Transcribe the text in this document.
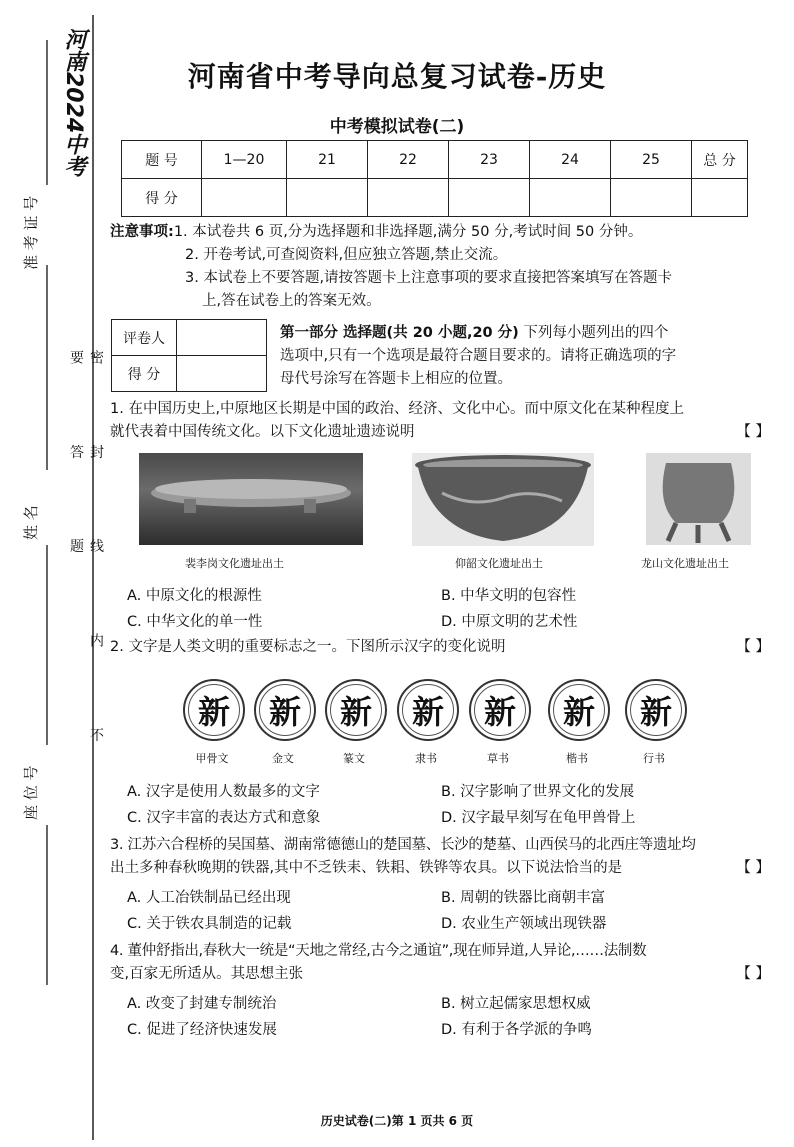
河南2024中考
准 考 证 号
姓 名
座 位 号
密 封 线 内 不 要 答 题
河南省中考导向总复习试卷-历史
中考模拟试卷(二)
题 号	1—20	21	22	23	24	25	总 分
得 分							
注意事项:1. 本试卷共 6 页,分为选择题和非选择题,满分 50 分,考试时间 50 分钟。
2. 开卷考试,可查阅资料,但应独立答题,禁止交流。
3. 本试卷上不要答题,请按答题卡上注意事项的要求直接把答案填写在答题卡
上,答在试卷上的答案无效。
评卷人	
得 分	
第一部分 选择题(共 20 小题,20 分) 下列每小题列出的四个
选项中,只有一个选项是最符合题目要求的。请将正确选项的字
母代号涂写在答题卡上相应的位置。
1. 在中国历史上,中原地区长期是中国的政治、经济、文化中心。而中原文化在某种程度上
就代表着中国传统文化。以下文化遗址遗迹说明	【 】
裴李岗文化遗址出土	仰韶文化遗址出土	龙山文化遗址出土
A. 中原文化的根源性	B. 中华文明的包容性
C. 中华文化的单一性	D. 中原文明的艺术性
2. 文字是人类文明的重要标志之一。下图所示汉字的变化说明	【 】
新	新	新	新	新	新	新
甲骨文	金文	篆文	隶书	草书	楷书	行书
A. 汉字是使用人数最多的文字	B. 汉字影响了世界文化的发展
C. 汉字丰富的表达方式和意象	D. 汉字最早刻写在龟甲兽骨上
3. 江苏六合程桥的吴国墓、湖南常德德山的楚国墓、长沙的楚墓、山西侯马的北西庄等遗址均
出土多种春秋晚期的铁器,其中不乏铁耒、铁耜、铁铧等农具。以下说法恰当的是	【 】
A. 人工冶铁制品已经出现	B. 周朝的铁器比商朝丰富
C. 关于铁农具制造的记载	D. 农业生产领域出现铁器
4. 董仲舒指出,春秋大一统是“天地之常经,古今之通谊”,现在师异道,人异论,……法制数
变,百家无所适从。其思想主张	【 】
A. 改变了封建专制统治	B. 树立起儒家思想权威
C. 促进了经济快速发展	D. 有利于各学派的争鸣
历史试卷(二)第 1 页共 6 页
